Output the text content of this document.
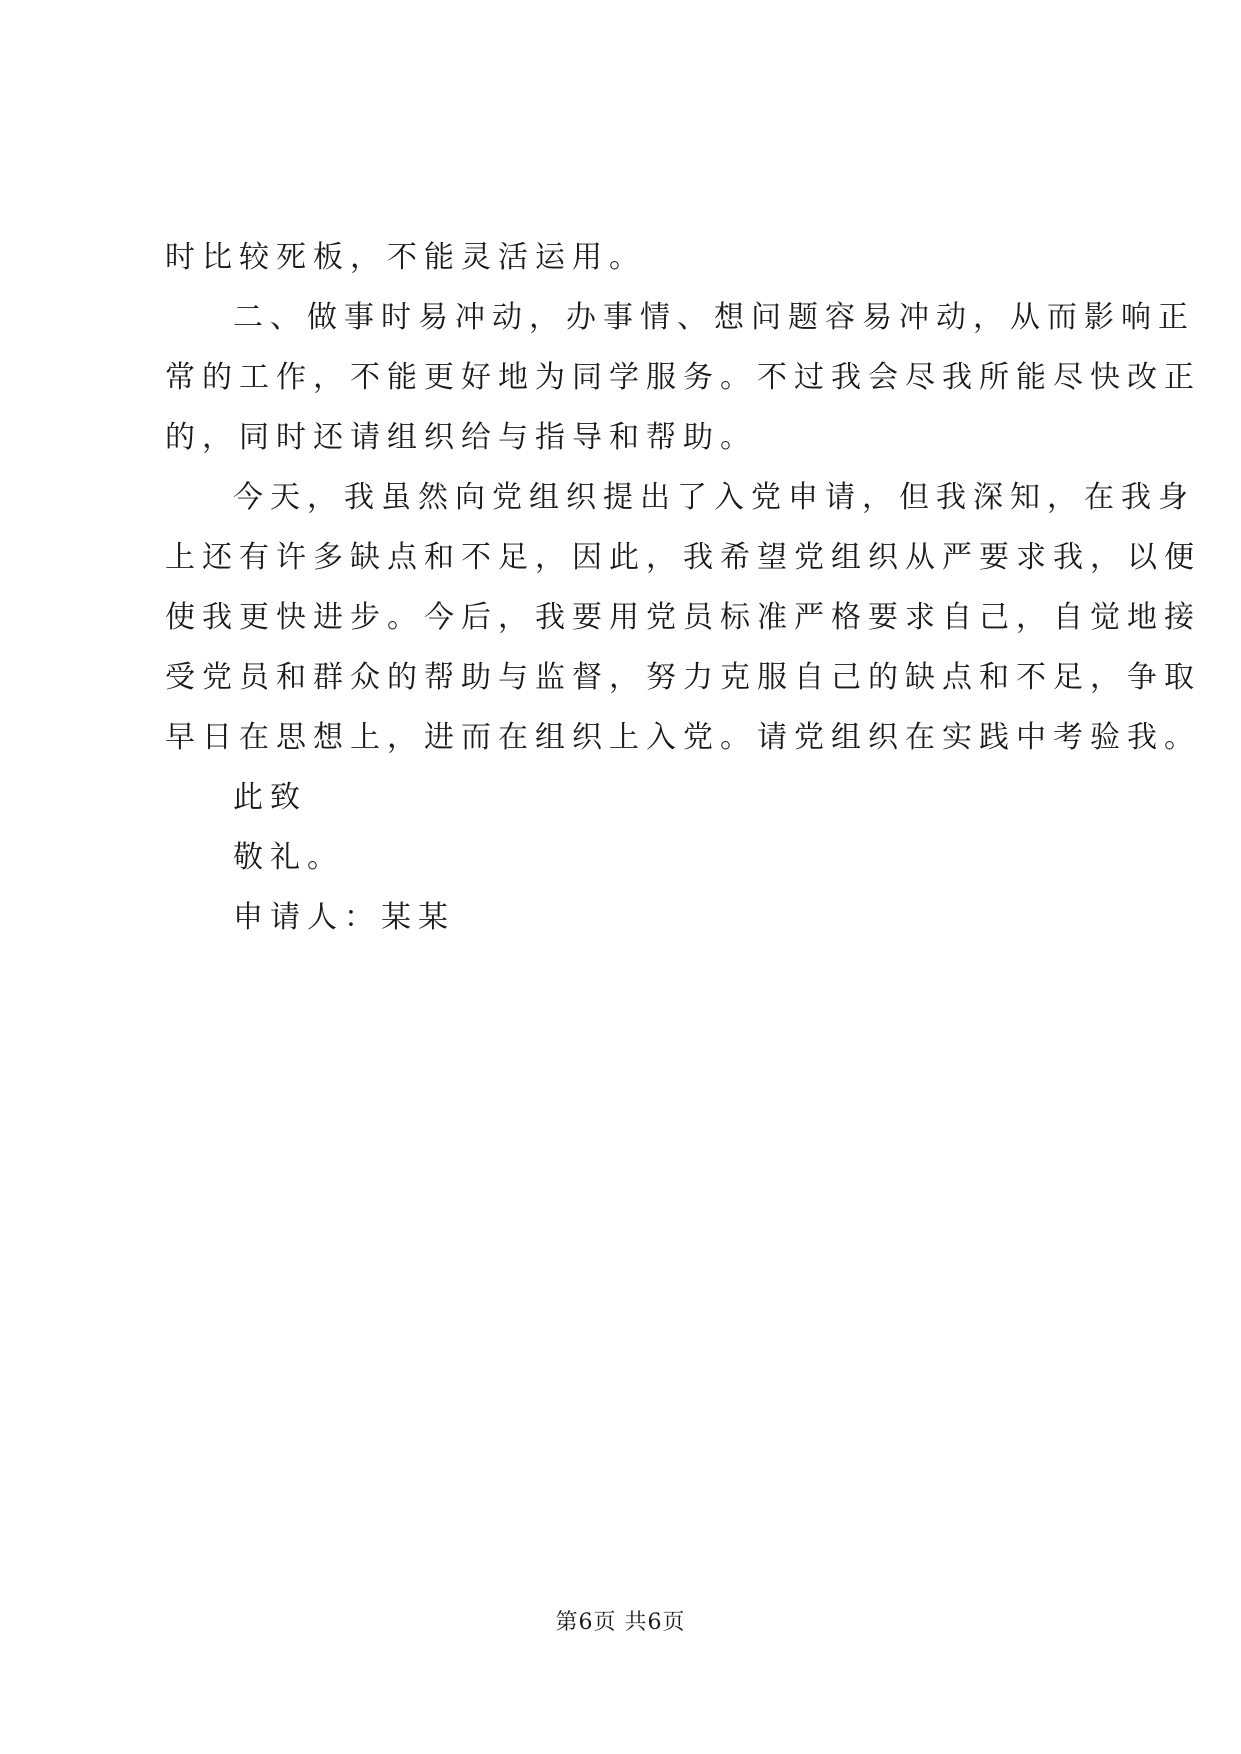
时比较死板，不能灵活运用。
二、做事时易冲动，办事情、想问题容易冲动，从而影响正
常的工作，不能更好地为同学服务。不过我会尽我所能尽快改正
的，同时还请组织给与指导和帮助。
今天，我虽然向党组织提出了入党申请，但我深知，在我身
上还有许多缺点和不足，因此，我希望党组织从严要求我，以便
使我更快进步。今后，我要用党员标准严格要求自己，自觉地接
受党员和群众的帮助与监督，努力克服自己的缺点和不足，争取
早日在思想上，进而在组织上入党。请党组织在实践中考验我。
此致
敬礼。
申请人：某某
第6页 共6页
